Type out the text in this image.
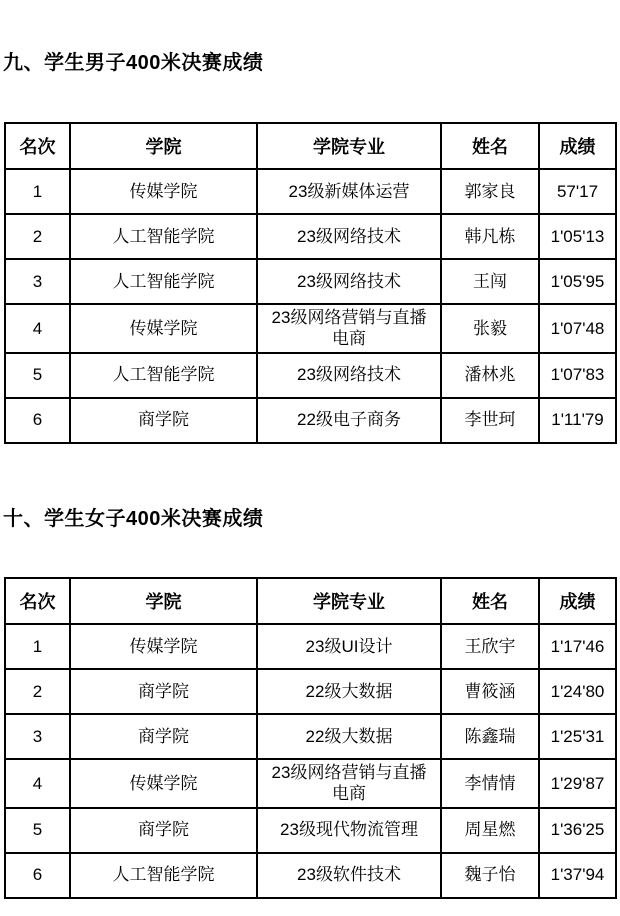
九、学生男子400米决赛成绩
名次	学院	学院专业	姓名	成绩
1	传媒学院	23级新媒体运营	郭家良	57'17
2	人工智能学院	23级网络技术	韩凡栋	1'05'13
3	人工智能学院	23级网络技术	王闯	1'05'95
4	传媒学院	23级网络营销与直播电商	张毅	1'07'48
5	人工智能学院	23级网络技术	潘林兆	1'07'83
6	商学院	22级电子商务	李世珂	1'11'79
十、学生女子400米决赛成绩
名次	学院	学院专业	姓名	成绩
1	传媒学院	23级UI设计	王欣宇	1'17'46
2	商学院	22级大数据	曹筱涵	1'24'80
3	商学院	22级大数据	陈鑫瑞	1'25'31
4	传媒学院	23级网络营销与直播电商	李情情	1'29'87
5	商学院	23级现代物流管理	周星燃	1'36'25
6	人工智能学院	23级软件技术	魏子怡	1'37'94
